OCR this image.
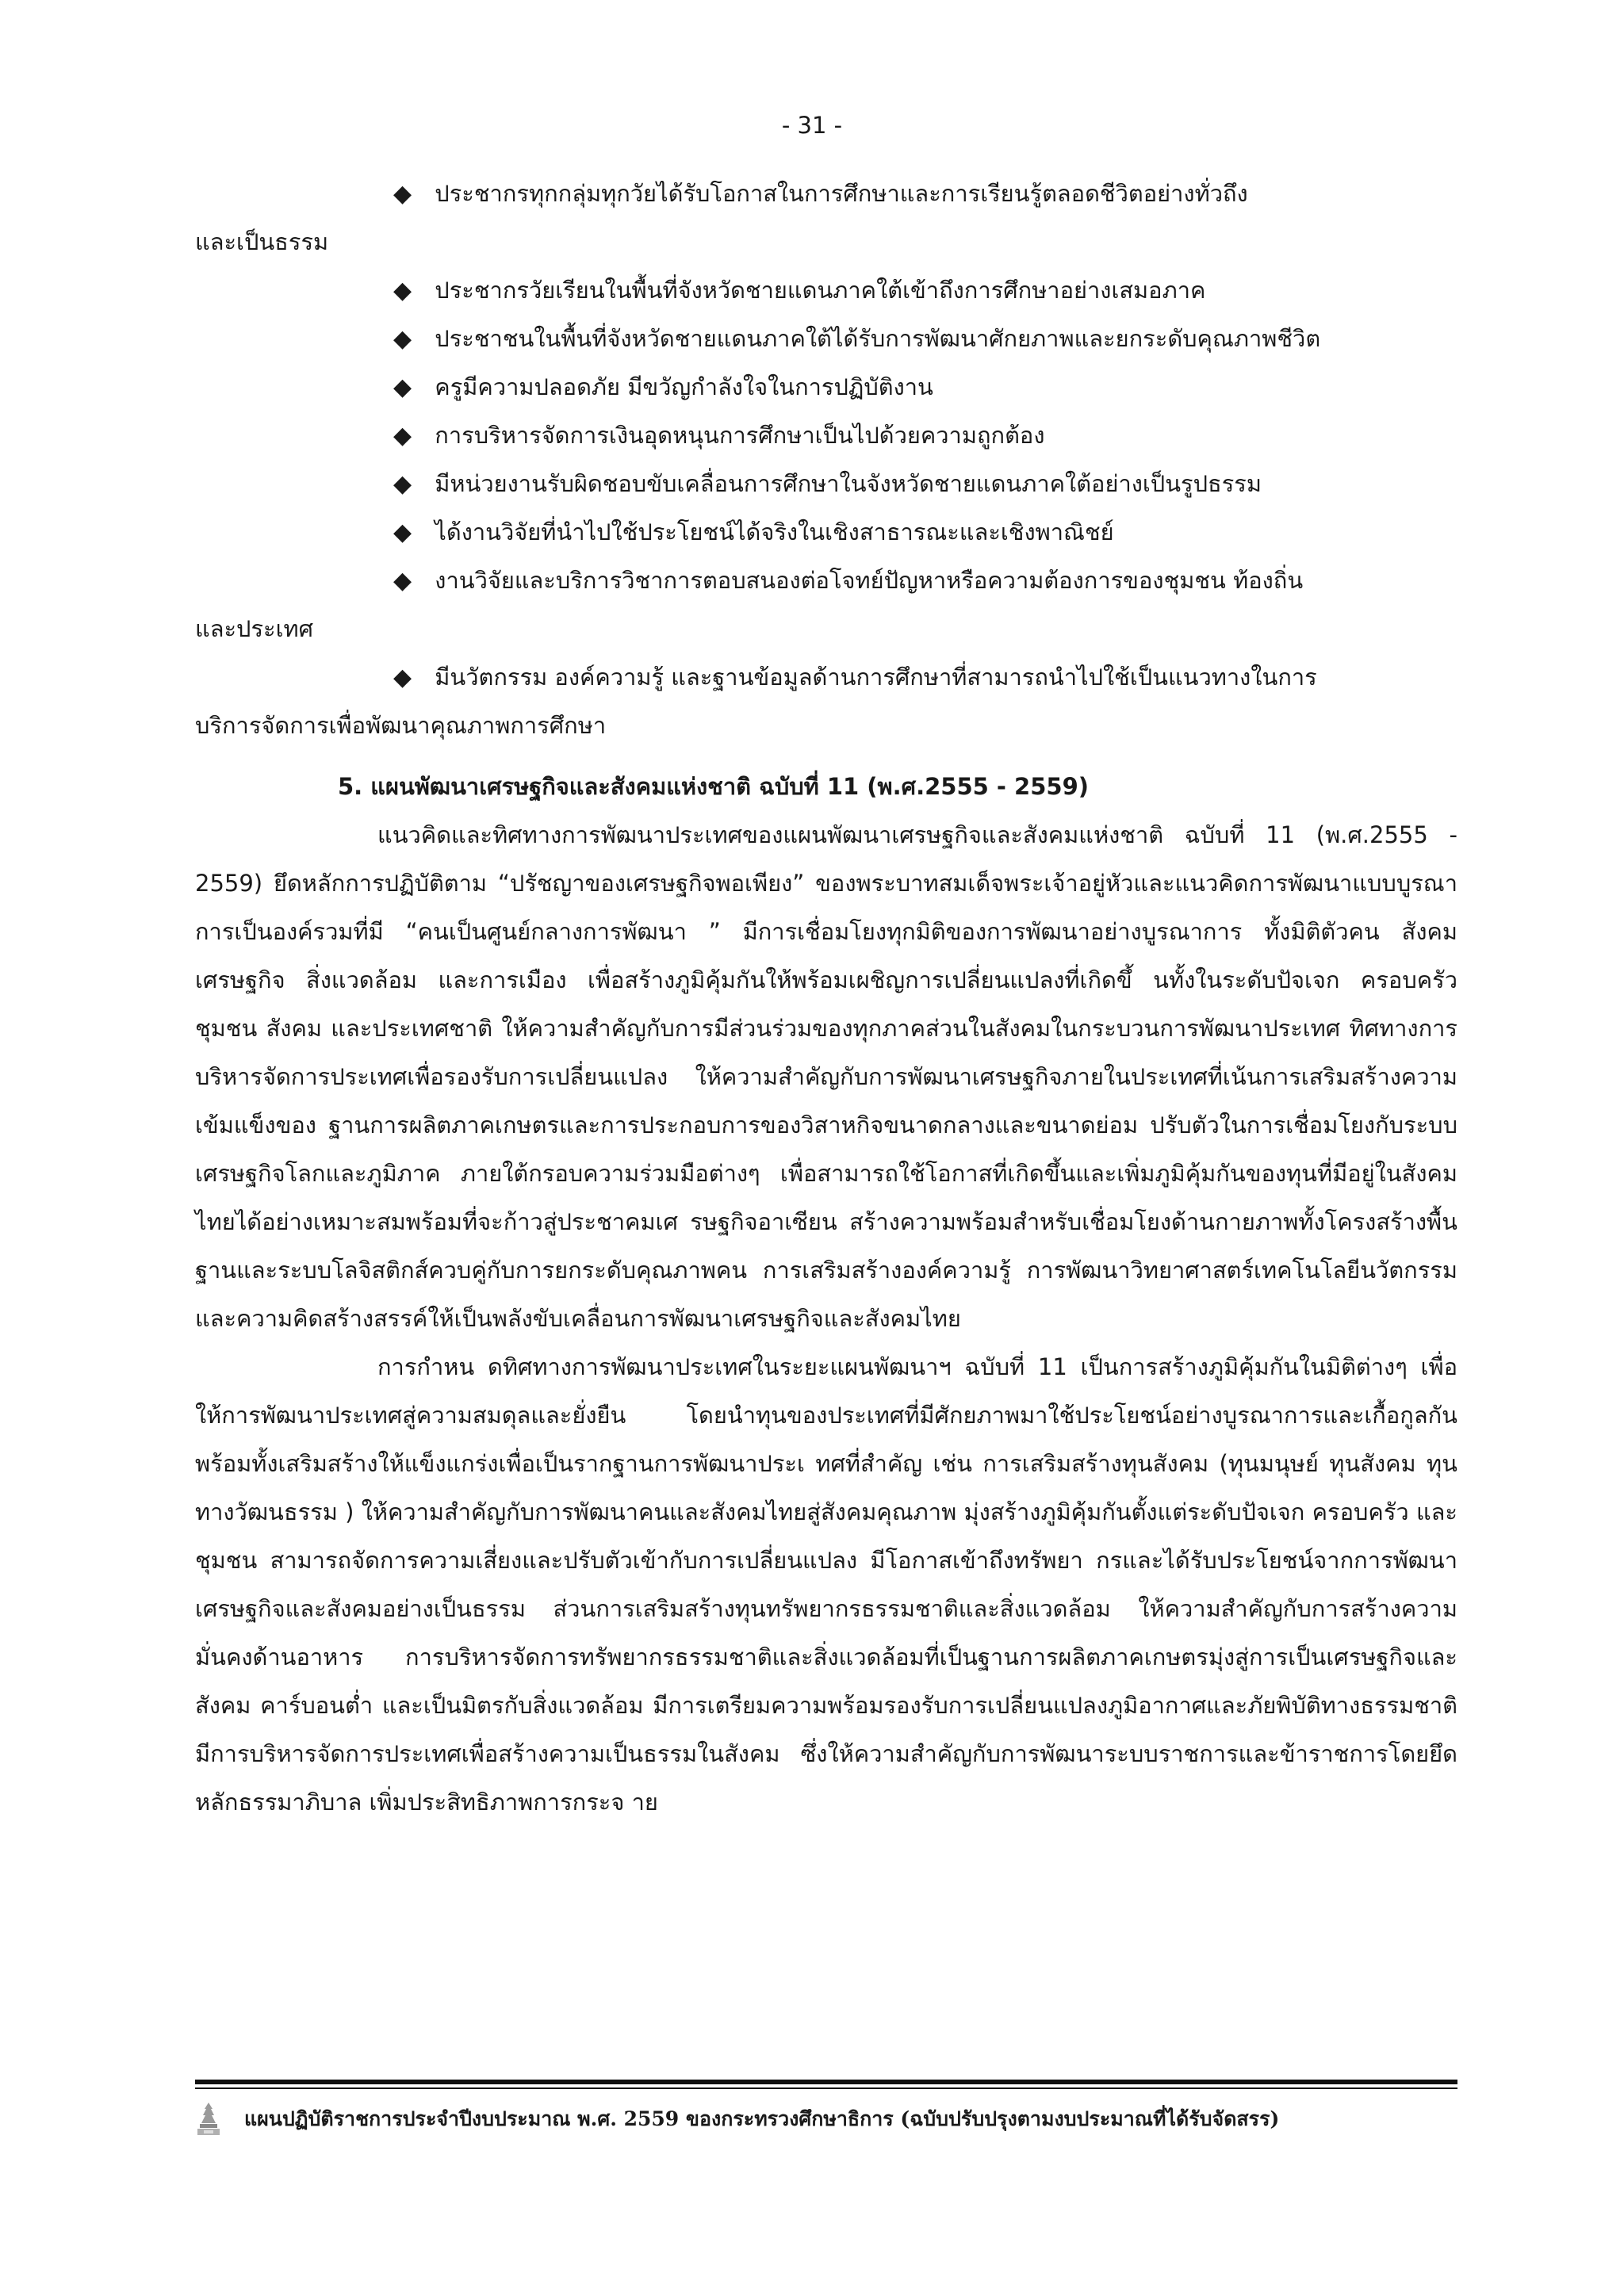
- 31 -
◆ ประชากรทุกกลุ่มทุกวัยได้รับโอกาสในการศึกษาและการเรียนรู้ตลอดชีวิตอย่างทั่วถึง
และเป็นธรรม
◆ ประชากรวัยเรียนในพื้นที่จังหวัดชายแดนภาคใต้เข้าถึงการศึกษาอย่างเสมอภาค
◆ ประชาชนในพื้นที่จังหวัดชายแดนภาคใต้ได้รับการพัฒนาศักยภาพและยกระดับคุณภาพชีวิต
◆ ครูมีความปลอดภัย มีขวัญกำลังใจในการปฏิบัติงาน
◆ การบริหารจัดการเงินอุดหนุนการศึกษาเป็นไปด้วยความถูกต้อง
◆ มีหน่วยงานรับผิดชอบขับเคลื่อนการศึกษาในจังหวัดชายแดนภาคใต้อย่างเป็นรูปธรรม
◆ ได้งานวิจัยที่นำไปใช้ประโยชน์ได้จริงในเชิงสาธารณะและเชิงพาณิชย์
◆ งานวิจัยและบริการวิชาการตอบสนองต่อโจทย์ปัญหาหรือความต้องการของชุมชน ท้องถิ่น
และประเทศ
◆ มีนวัตกรรม องค์ความรู้ และฐานข้อมูลด้านการศึกษาที่สามารถนำไปใช้เป็นแนวทางในการ
บริการจัดการเพื่อพัฒนาคุณภาพการศึกษา
5. แผนพัฒนาเศรษฐกิจและสังคมแห่งชาติ ฉบับที่ 11 (พ.ศ.2555 - 2559)

แนวคิดและทิศทางการพัฒนาประเทศของแผนพัฒนาเศรษฐกิจและสังคมแห่งชาติ ฉบับที่ 11 (พ.ศ.2555 - 2559) ยึดหลักการปฏิบัติตาม “ปรัชญาของเศรษฐกิจพอเพียง” ของพระบาทสมเด็จพระเจ้าอยู่หัวและแนวคิดการพัฒนาแบบบูรณาการเป็นองค์รวมที่มี “คนเป็นศูนย์กลางการพัฒนา ” มีการเชื่อมโยงทุกมิติของการพัฒนาอย่างบูรณาการ ทั้งมิติตัวคน สังคม เศรษฐกิจ สิ่งแวดล้อม และการเมือง เพื่อสร้างภูมิคุ้มกันให้พร้อมเผชิญการเปลี่ยนแปลงที่เกิดขึ้ นทั้งในระดับปัจเจก ครอบครัว ชุมชน สังคม และประเทศชาติ ให้ความสำคัญกับการมีส่วนร่วมของทุกภาคส่วนในสังคมในกระบวนการพัฒนาประเทศ ทิศทางการบริหารจัดการประเทศเพื่อรองรับการเปลี่ยนแปลง ให้ความสำคัญกับการพัฒนาเศรษฐกิจภายในประเทศที่เน้นการเสริมสร้างความเข้มแข็งของ ฐานการผลิตภาคเกษตรและการประกอบการของวิสาหกิจขนาดกลางและขนาดย่อม ปรับตัวในการเชื่อมโยงกับระบบเศรษฐกิจโลกและภูมิภาค ภายใต้กรอบความร่วมมือต่างๆ เพื่อสามารถใช้โอกาสที่เกิดขึ้นและเพิ่มภูมิคุ้มกันของทุนที่มีอยู่ในสังคมไทยได้อย่างเหมาะสมพร้อมที่จะก้าวสู่ประชาคมเศ รษฐกิจอาเซียน สร้างความพร้อมสำหรับเชื่อมโยงด้านกายภาพทั้งโครงสร้างพื้นฐานและระบบโลจิสติกส์ควบคู่กับการยกระดับคุณภาพคน การเสริมสร้างองค์ความรู้ การพัฒนาวิทยาศาสตร์เทคโนโลยีนวัตกรรมและความคิดสร้างสรรค์ให้เป็นพลังขับเคลื่อนการพัฒนาเศรษฐกิจและสังคมไทย

การกำหน ดทิศทางการพัฒนาประเทศในระยะแผนพัฒนาฯ ฉบับที่ 11 เป็นการสร้างภูมิคุ้มกันในมิติต่างๆ เพื่อให้การพัฒนาประเทศสู่ความสมดุลและยั่งยืน โดยนำทุนของประเทศที่มีศักยภาพมาใช้ประโยชน์อย่างบูรณาการและเกื้อกูลกัน พร้อมทั้งเสริมสร้างให้แข็งแกร่งเพื่อเป็นรากฐานการพัฒนาประเ ทศที่สำคัญ เช่น การเสริมสร้างทุนสังคม (ทุนมนุษย์ ทุนสังคม ทุนทางวัฒนธรรม ) ให้ความสำคัญกับการพัฒนาคนและสังคมไทยสู่สังคมคุณภาพ มุ่งสร้างภูมิคุ้มกันตั้งแต่ระดับปัจเจก ครอบครัว และชุมชน สามารถจัดการความเสี่ยงและปรับตัวเข้ากับการเปลี่ยนแปลง มีโอกาสเข้าถึงทรัพยา กรและได้รับประโยชน์จากการพัฒนาเศรษฐกิจและสังคมอย่างเป็นธรรม ส่วนการเสริมสร้างทุนทรัพยากรธรรมชาติและสิ่งแวดล้อม ให้ความสำคัญกับการสร้างความมั่นคงด้านอาหาร การบริหารจัดการทรัพยากรธรรมชาติและสิ่งแวดล้อมที่เป็นฐานการผลิตภาคเกษตรมุ่งสู่การเป็นเศรษฐกิจและสังคม คาร์บอนต่ำ และเป็นมิตรกับสิ่งแวดล้อม มีการเตรียมความพร้อมรองรับการเปลี่ยนแปลงภูมิอากาศและภัยพิบัติทางธรรมชาติ มีการบริหารจัดการประเทศเพื่อสร้างความเป็นธรรมในสังคม ซึ่งให้ความสำคัญกับการพัฒนาระบบราชการและข้าราชการโดยยึดหลักธรรมาภิบาล เพิ่มประสิทธิภาพการกระจ าย

แผนปฏิบัติราชการประจำปีงบประมาณ พ.ศ. 2559 ของกระทรวงศึกษาธิการ (ฉบับปรับปรุงตามงบประมาณที่ได้รับจัดสรร)
